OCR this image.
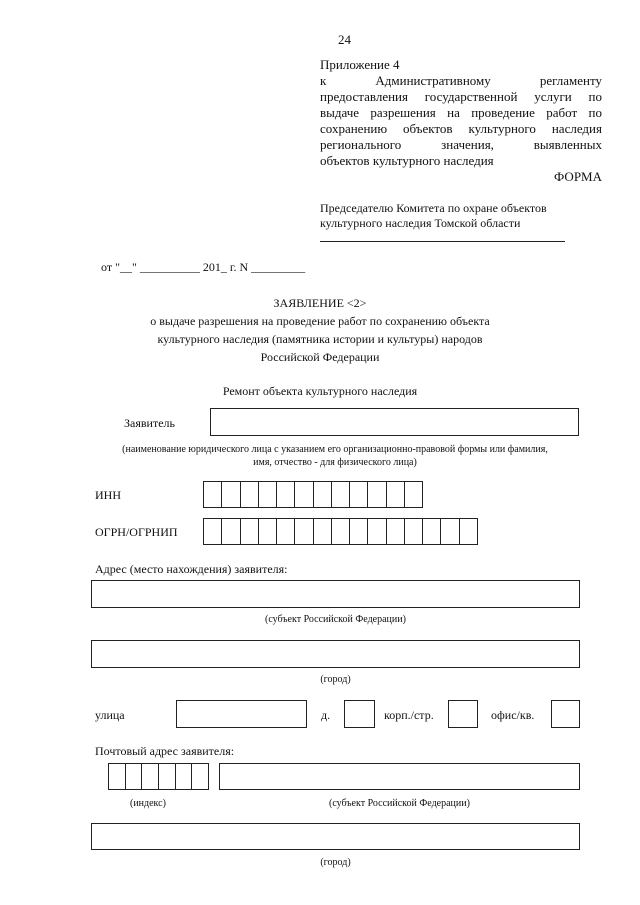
24
Приложение 4
к Административному регламенту
предоставления государственной услуги по
выдаче разрешения на проведение работ по
сохранению объектов культурного наследия
регионального значения, выявленных
объектов культурного наследия
ФОРМА
Председателю Комитета по охране объектов
культурного наследия Томской области
от "__" __________ 201_ г. N _________
ЗАЯВЛЕНИЕ <2>
о выдаче разрешения на проведение работ по сохранению объекта
культурного наследия (памятника истории и культуры) народов
Российской Федерации
Ремонт объекта культурного наследия
Заявитель
(наименование юридического лица с указанием его организационно-правовой формы или фамилия,
имя, отчество - для физического лица)
ИНН
ОГРН/ОГРНИП
Адрес (место нахождения) заявителя:
(субъект Российской Федерации)
(город)
улица	д.	корп./стр.	офис/кв.
Почтовый адрес заявителя:
(индекс)	(субъект Российской Федерации)
(город)
